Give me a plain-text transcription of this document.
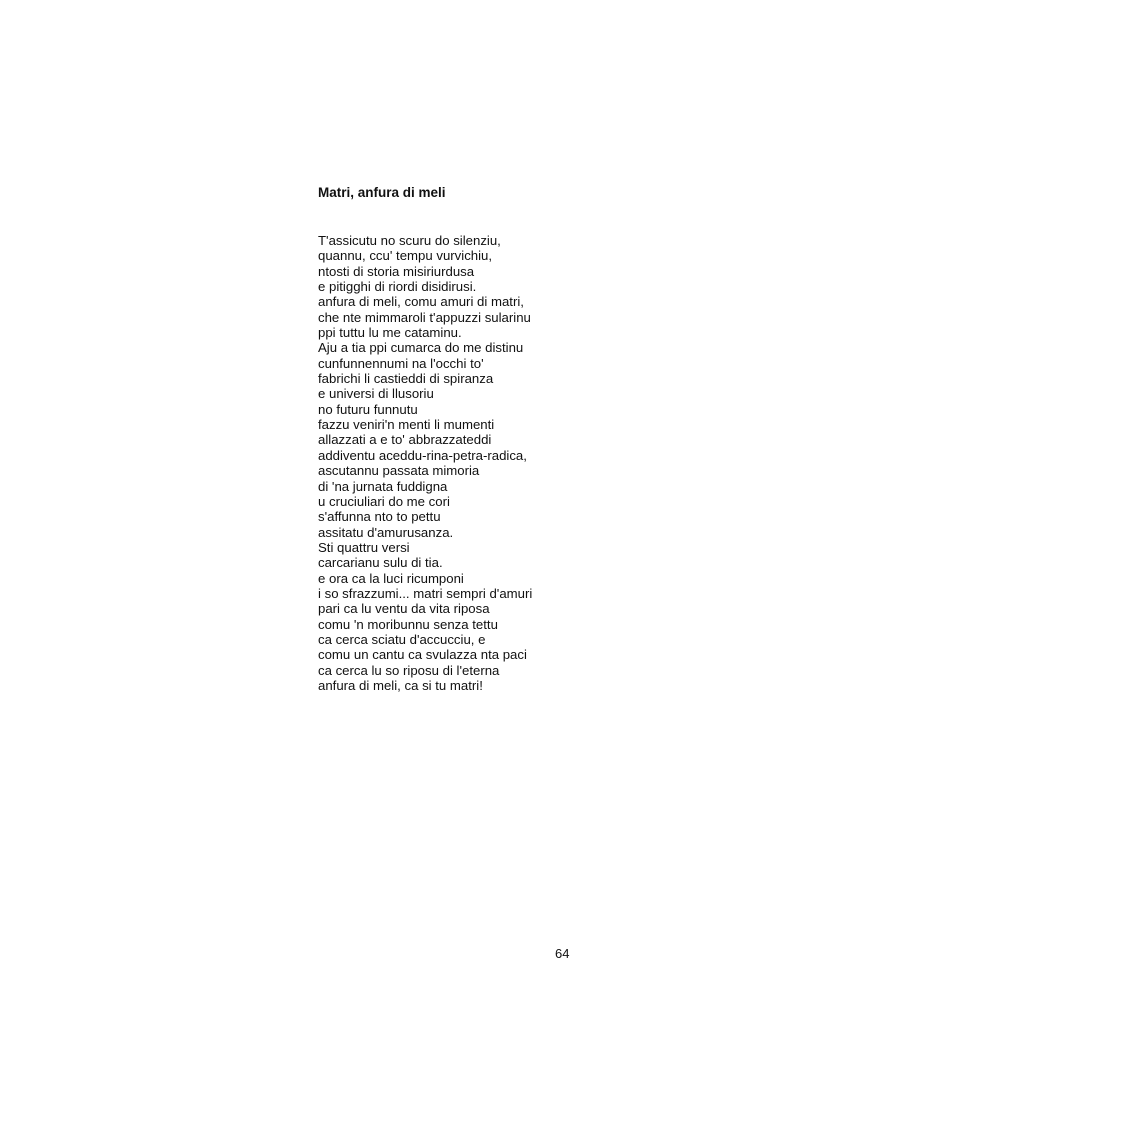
Matri, anfura di meli
T'assicutu no scuru do silenziu,
quannu, ccu' tempu vurvichiu,
ntosti di storia misiriurdusa
e pitigghi di riordi disidirusi.
anfura di meli, comu amuri di matri,
che nte mimmaroli t'appuzzi sularinu
ppi tuttu lu me cataminu.
Aju a tia ppi cumarca do me distinu
cunfunnennumi na l'occhi to'
fabrichi li castieddi di spiranza
e universi di llusoriu
no futuru funnutu
fazzu veniri'n menti li mumenti
allazzati a e to' abbrazzateddi
addiventu aceddu-rina-petra-radica,
ascutannu passata mimoria
di 'na jurnata fuddigna
u cruciuliari do me cori
s'affunna nto to pettu
assitatu d'amurusanza.
Sti quattru versi
carcarianu sulu di tia.
e ora ca la luci ricumponi
i so sfrazzumi... matri sempri d'amuri
pari ca lu ventu da vita riposa
comu 'n moribunnu senza tettu
ca cerca sciatu d'accucciu, e
comu un cantu ca svulazza nta paci
ca cerca lu so riposu di l'eterna
anfura di meli, ca si tu matri!
64
